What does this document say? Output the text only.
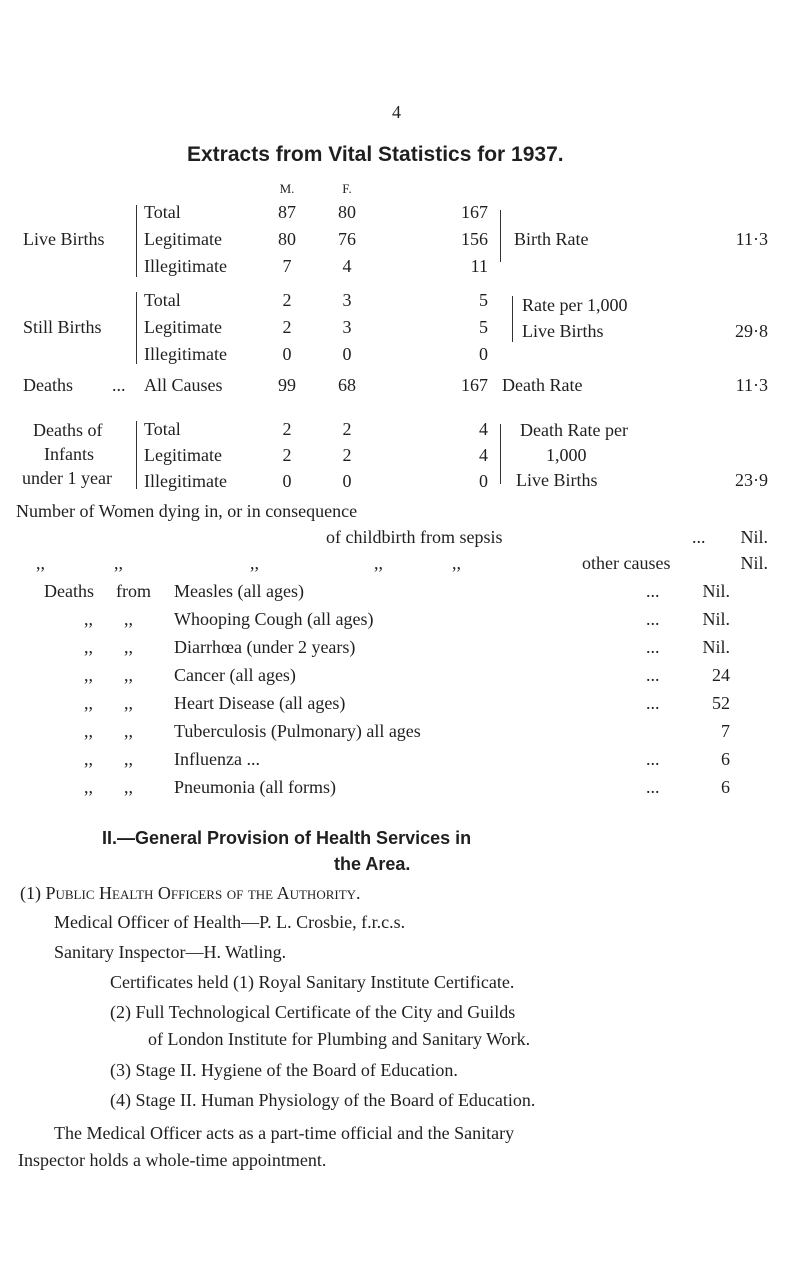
4
Extracts from Vital Statistics for 1937.
M.	F.
Live Births
Total	87	80	167
Legitimate	80	76	156
Illegitimate	7	4	11
Birth Rate	11·3
Still Births
Total	2	3	5
Legitimate	2	3	5
Illegitimate	0	0	0
Rate per 1,000
Live Births	29·8
Deaths ... All Causes	99	68	167 Death Rate	11·3
Deaths of
Infants
under 1 year
Total	2	2	4
Legitimate	2	2	4
Illegitimate	0	0	0
Death Rate per
1,000
Live Births	23·9
Number of Women dying in, or in consequence
of childbirth from sepsis	...	Nil.
,,	,,	,,	,,	,,	other causes	Nil.
Deaths from Measles (all ages)	...	Nil.
,, ,, Whooping Cough (all ages)	...	Nil.
,, ,, Diarrhœa (under 2 years)	...	Nil.
,, ,, Cancer (all ages)	...	24
,, ,, Heart Disease (all ages)	...	52
,, ,, Tuberculosis (Pulmonary) all ages	7
,, ,, Influenza ...	...	6
,, ,, Pneumonia (all forms)	...	6
II.—General Provision of Health Services in
the Area.
(1) Public Health Officers of the Authority.
Medical Officer of Health—P. L. Crosbie, f.r.c.s.
Sanitary Inspector—H. Watling.
Certificates held (1) Royal Sanitary Institute Certificate.
(2) Full Technological Certificate of the City and Guilds
of London Institute for Plumbing and Sanitary Work.
(3) Stage II. Hygiene of the Board of Education.
(4) Stage II. Human Physiology of the Board of Education.
The Medical Officer acts as a part-time official and the Sanitary
Inspector holds a whole-time appointment.
